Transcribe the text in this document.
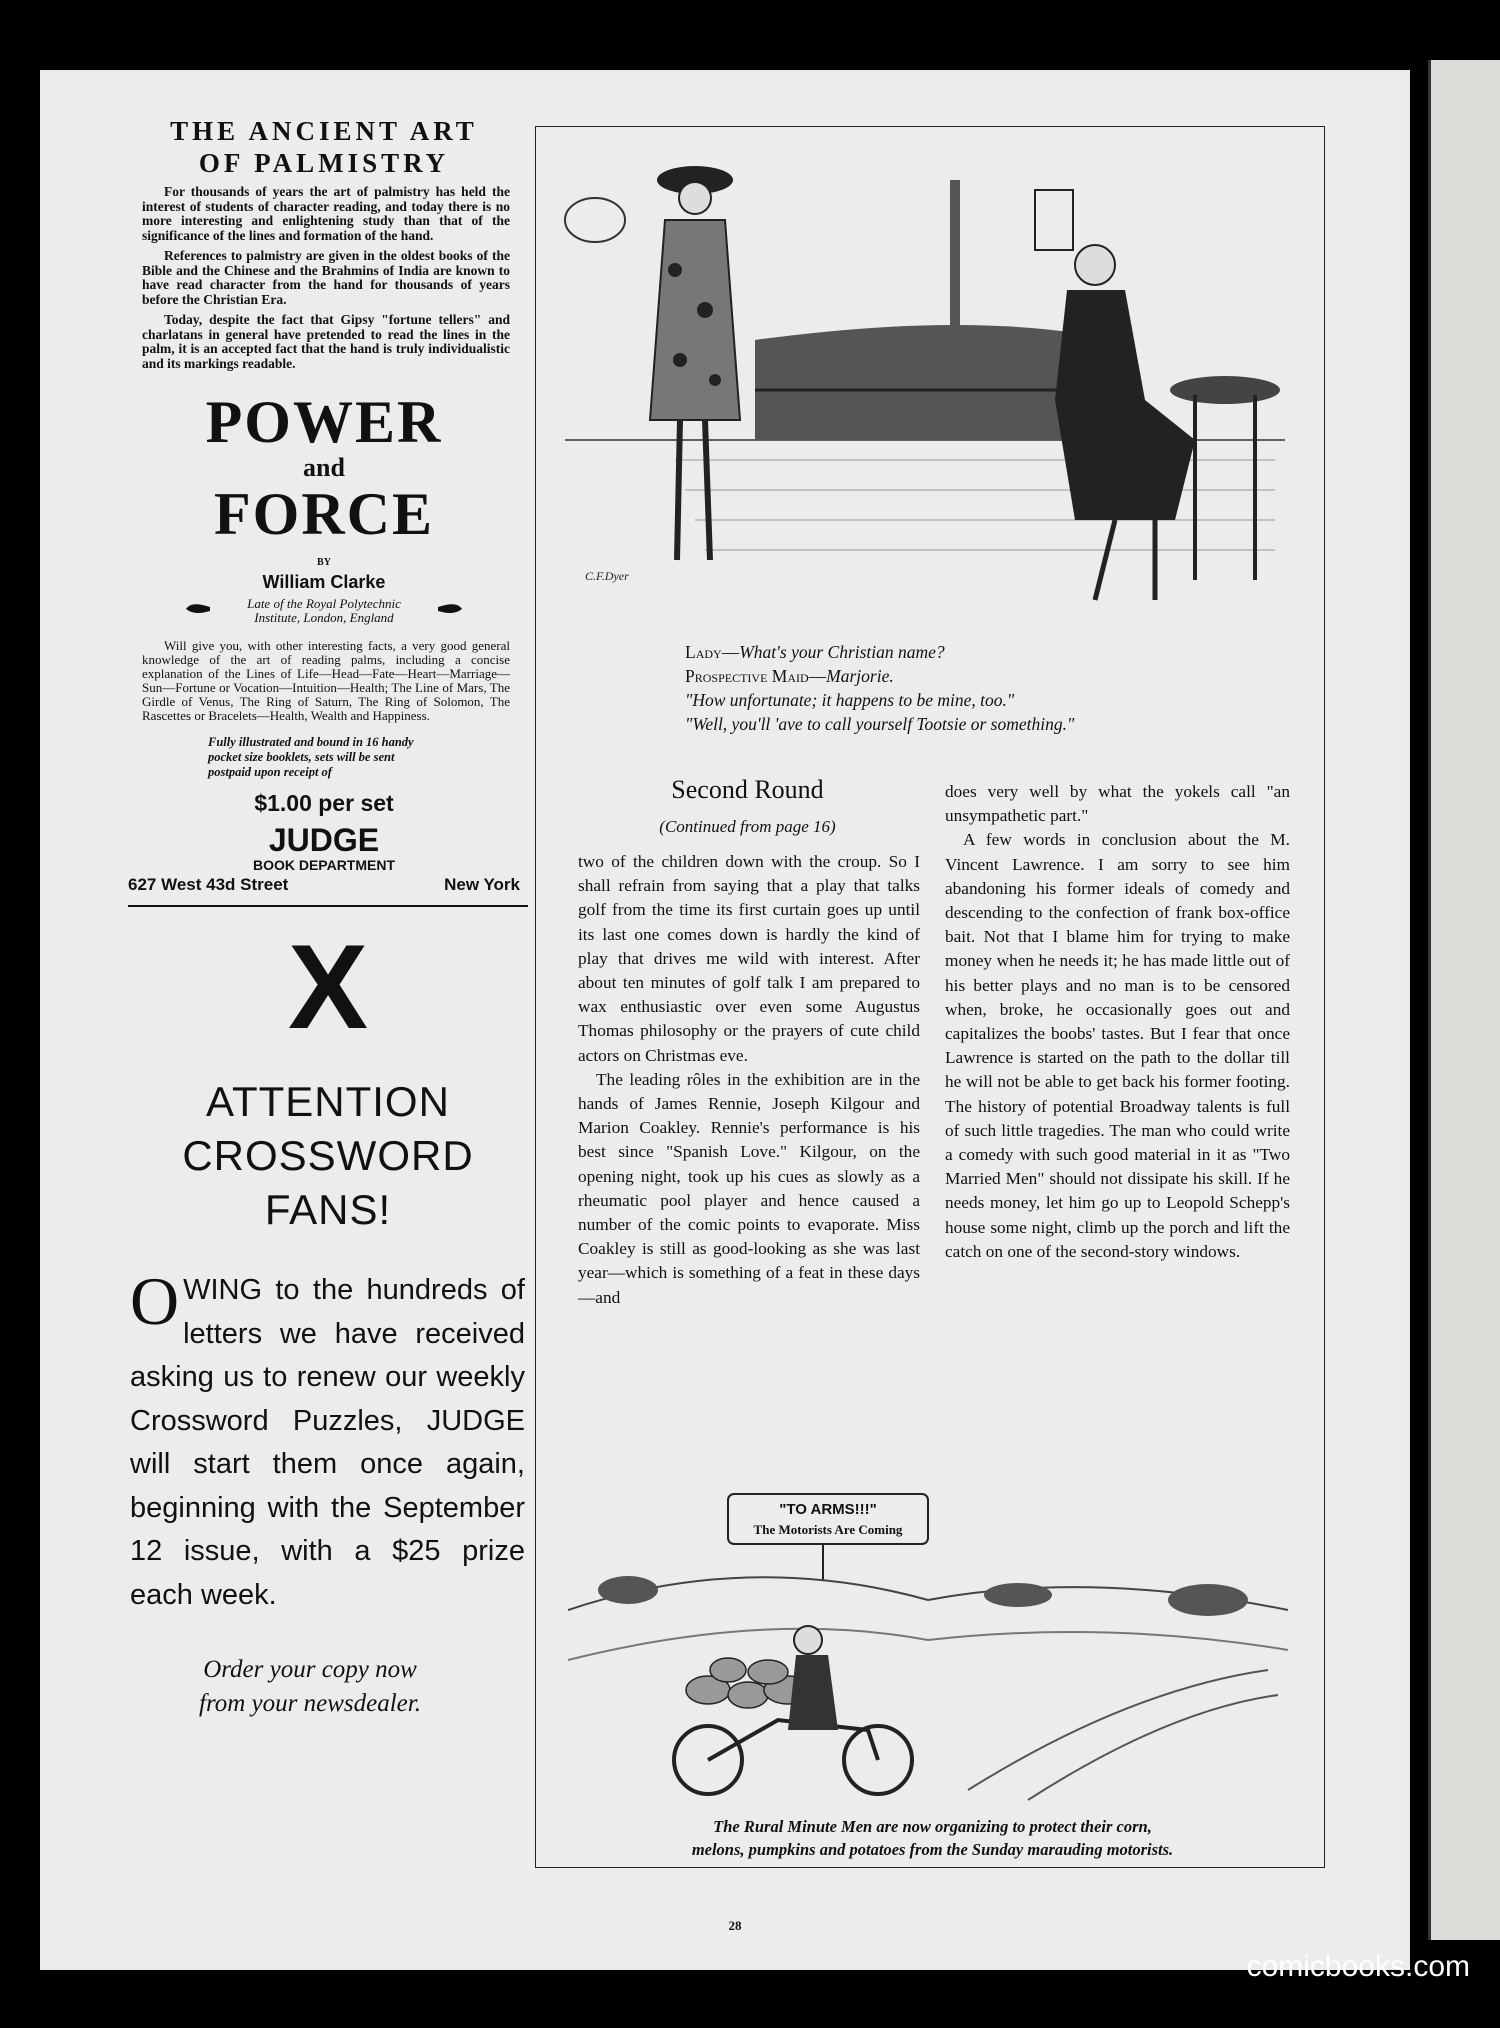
THE ANCIENT ART
OF PALMISTRY

For thousands of years the art of palmistry has held the interest of students of character reading, and today there is no more interesting and enlightening study than that of the significance of the lines and formation of the hand.

References to palmistry are given in the oldest books of the Bible and the Chinese and the Brahmins of India are known to have read character from the hand for thousands of years before the Christian Era.

Today, despite the fact that Gipsy "fortune tellers" and charlatans in general have pretended to read the lines in the palm, it is an accepted fact that the hand is truly individualistic and its markings readable.

POWER
and
FORCE
BY
William Clarke
Late of the Royal Polytechnic
Institute, London, England

Will give you, with other interesting facts, a very good general knowledge of the art of reading palms, including a concise explanation of the Lines of Life—Head—Fate—Heart—Marriage—Sun—Fortune or Vocation—Intuition—Health; The Line of Mars, The Girdle of Venus, The Ring of Saturn, The Ring of Solomon, The Rascettes or Bracelets—Health, Wealth and Happiness.

Fully illustrated and bound in 16 handy pocket size booklets, sets will be sent postpaid upon receipt of
$1.00 per set
JUDGE
BOOK DEPARTMENT
627 West 43d Street	New York
X
ATTENTION
CROSSWORD
FANS!
O WING to the hundreds of letters we have received asking us to renew our weekly Crossword Puzzles, JUDGE will start them once again, beginning with the September 12 issue, with a $25 prize each week.
Order your copy now
from your newsdealer.
C.F.Dyer
Lady—What's your Christian name?
Prospective Maid—Marjorie.
"How unfortunate; it happens to be mine, too."
"Well, you'll 'ave to call yourself Tootsie or something."
Second Round
(Continued from page 16)

two of the children down with the croup. So I shall refrain from saying that a play that talks golf from the time its first curtain goes up until its last one comes down is hardly the kind of play that drives me wild with interest. After about ten minutes of golf talk I am prepared to wax enthusiastic over even some Augustus Thomas philosophy or the prayers of cute child actors on Christmas eve.

The leading rôles in the exhibition are in the hands of James Rennie, Joseph Kilgour and Marion Coakley. Rennie's performance is his best since "Spanish Love." Kilgour, on the opening night, took up his cues as slowly as a rheumatic pool player and hence caused a number of the comic points to evaporate. Miss Coakley is still as good-looking as she was last year—which is something of a feat in these days—and

does very well by what the yokels call "an unsympathetic part."

A few words in conclusion about the M. Vincent Lawrence. I am sorry to see him abandoning his former ideals of comedy and descending to the confection of frank box-office bait. Not that I blame him for trying to make money when he needs it; he has made little out of his better plays and no man is to be censored when, broke, he occasionally goes out and capitalizes the boobs' tastes. But I fear that once Lawrence is started on the path to the dollar till he will not be able to get back his former footing. The history of potential Broadway talents is full of such little tragedies. The man who could write a comedy with such good material in it as "Two Married Men" should not dissipate his skill. If he needs money, let him go up to Leopold Schepp's house some night, climb up the porch and lift the catch on one of the second-story windows.

"TO ARMS!!!"
The Motorists Are Coming
The Rural Minute Men are now organizing to protect their corn,
melons, pumpkins and potatoes from the Sunday marauding motorists.
28
comicbooks.com
